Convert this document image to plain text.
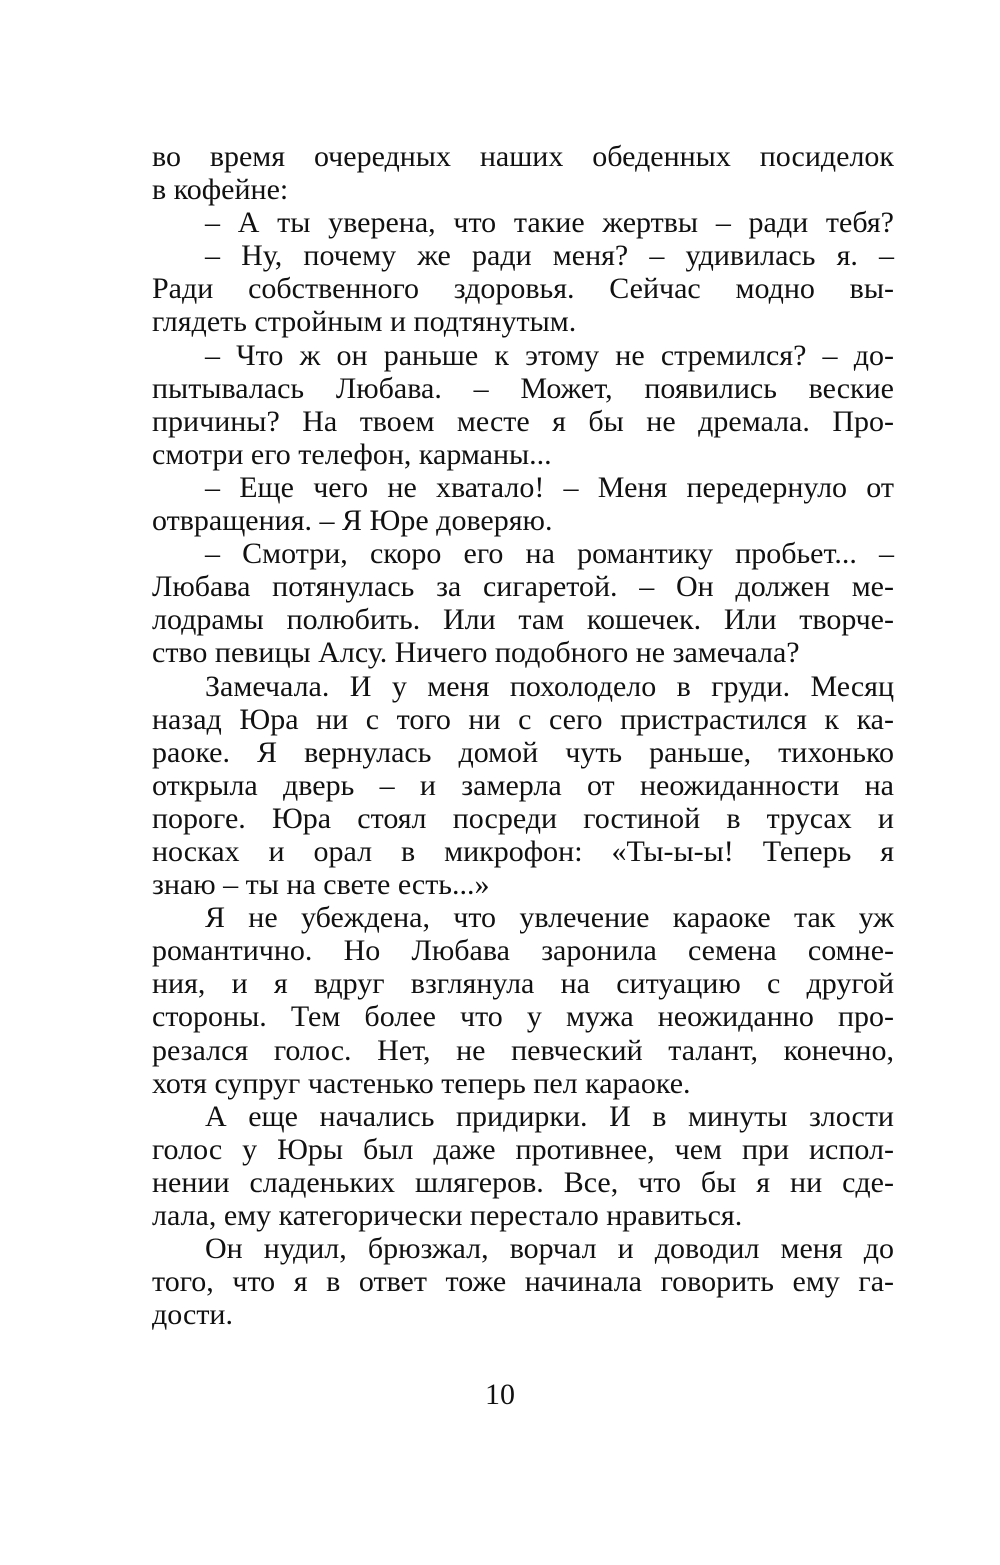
во время очередных наших обеденных посиделок
в кофейне:
– А ты уверена, что такие жертвы – ради тебя?
– Ну, почему же ради меня? – удивилась я. –
Ради собственного здоровья. Сейчас модно вы-
глядеть стройным и подтянутым.
– Что ж он раньше к этому не стремился? – до-
пытывалась Любава. – Может, появились веские
причины? На твоем месте я бы не дремала. Про-
смотри его телефон, карманы...
– Еще чего не хватало! – Меня передернуло от
отвращения. – Я Юре доверяю.
– Смотри, скоро его на романтику пробьет... –
Любава потянулась за сигаретой. – Он должен ме-
лодрамы полюбить. Или там кошечек. Или творче-
ство певицы Алсу. Ничего подобного не замечала?
Замечала. И у меня похолодело в груди. Месяц
назад Юра ни с того ни с сего пристрастился к ка-
раоке. Я вернулась домой чуть раньше, тихонько
открыла дверь – и замерла от неожиданности на
пороге. Юра стоял посреди гостиной в трусах и
носках и орал в микрофон: «Ты-ы-ы! Теперь я
знаю – ты на свете есть...»
Я не убеждена, что увлечение караоке так уж
романтично. Но Любава заронила семена сомне-
ния, и я вдруг взглянула на ситуацию с другой
стороны. Тем более что у мужа неожиданно про-
резался голос. Нет, не певческий талант, конечно,
хотя супруг частенько теперь пел караоке.
А еще начались придирки. И в минуты злости
голос у Юры был даже противнее, чем при испол-
нении сладеньких шлягеров. Все, что бы я ни сде-
лала, ему категорически перестало нравиться.
Он нудил, брюзжал, ворчал и доводил меня до
того, что я в ответ тоже начинала говорить ему га-
дости.
10
